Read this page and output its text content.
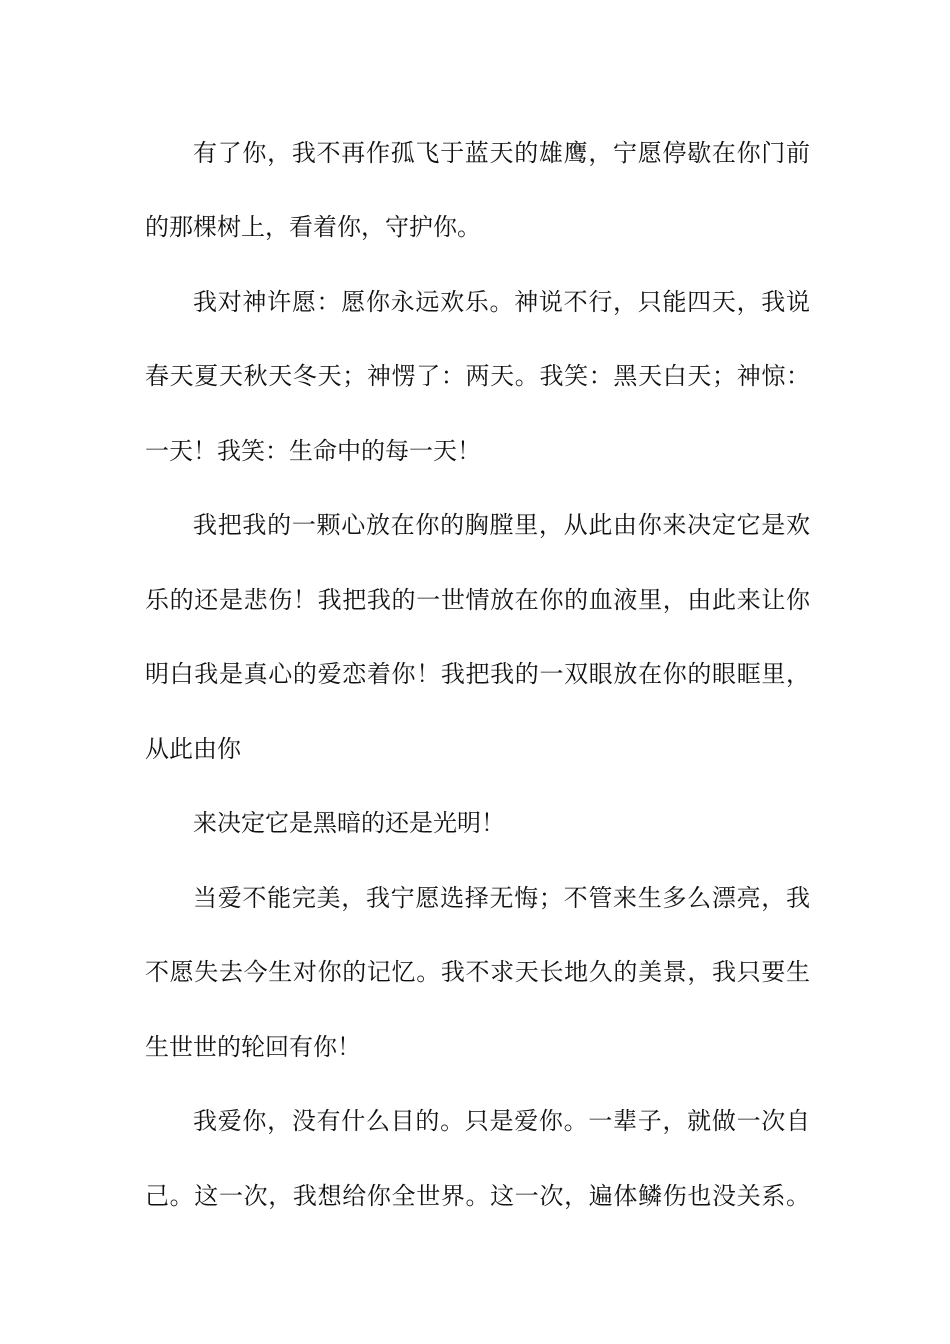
有了你，我不再作孤飞于蓝天的雄鹰，宁愿停歇在你门前
的那棵树上，看着你，守护你。
我对神许愿：愿你永远欢乐。神说不行，只能四天，我说
春天夏天秋天冬天；神愣了：两天。我笑：黑天白天；神惊：
一天！我笑：生命中的每一天！
我把我的一颗心放在你的胸膛里，从此由你来决定它是欢
乐的还是悲伤！我把我的一世情放在你的血液里，由此来让你
明白我是真心的爱恋着你！我把我的一双眼放在你的眼眶里，
从此由你
来决定它是黑暗的还是光明！
当爱不能完美，我宁愿选择无悔；不管来生多么漂亮，我
不愿失去今生对你的记忆。我不求天长地久的美景，我只要生
生世世的轮回有你！
我爱你，没有什么目的。只是爱你。一辈子，就做一次自
己。这一次，我想给你全世界。这一次，遍体鳞伤也没关系。
